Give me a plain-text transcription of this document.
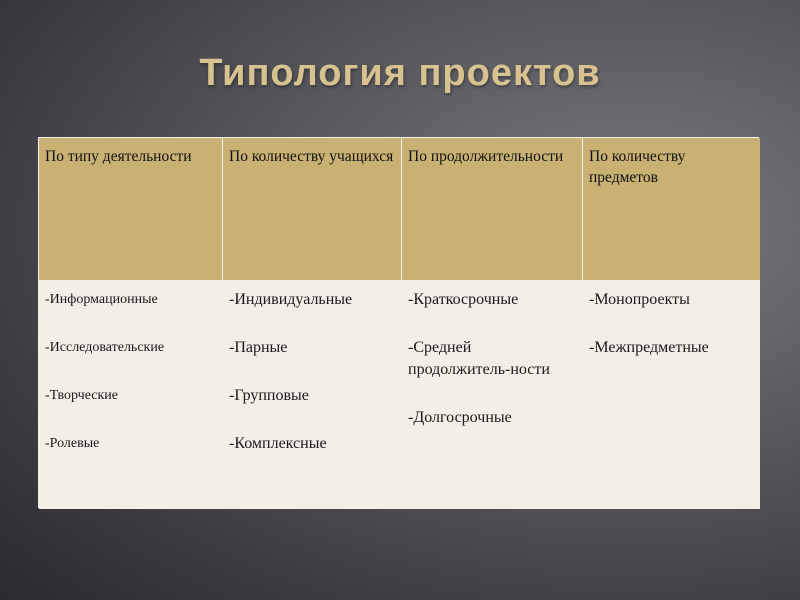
Типология проектов
По типу деятельности	По количеству учащихся По продолжительности	По количеству предметов
-Информационные
-Исследовательские
-Творческие
-Ролевые
-Индивидуальные
-Парные
-Групповые
-Комплексные
-Краткосрочные
-Средней продолжитель-ности
-Долгосрочные
-Монопроекты
-Межпредметные
